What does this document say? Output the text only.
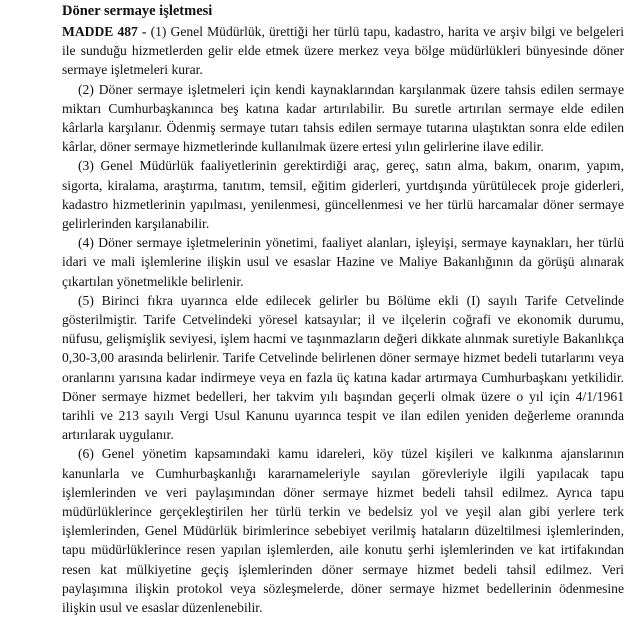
Döner sermaye işletmesi

MADDE 487 - (1) Genel Müdürlük, ürettiği her türlü tapu, kadastro, harita ve arşiv bilgi ve belgeleri ile sunduğu hizmetlerden gelir elde etmek üzere merkez veya bölge müdürlükleri bünyesinde döner sermaye işletmeleri kurar.

(2) Döner sermaye işletmeleri için kendi kaynaklarından karşılanmak üzere tahsis edilen sermaye miktarı Cumhurbaşkanınca beş katına kadar artırılabilir. Bu suretle artırılan sermaye elde edilen kârlarla karşılanır. Ödenmiş sermaye tutarı tahsis edilen sermaye tutarına ulaştıktan sonra elde edilen kârlar, döner sermaye hizmetlerinde kullanılmak üzere ertesi yılın gelirlerine ilave edilir.

(3) Genel Müdürlük faaliyetlerinin gerektirdiği araç, gereç, satın alma, bakım, onarım, yapım, sigorta, kiralama, araştırma, tanıtım, temsil, eğitim giderleri, yurtdışında yürütülecek proje giderleri, kadastro hizmetlerinin yapılması, yenilenmesi, güncellenmesi ve her türlü harcamalar döner sermaye gelirlerinden karşılanabilir.

(4) Döner sermaye işletmelerinin yönetimi, faaliyet alanları, işleyişi, sermaye kaynakları, her türlü idari ve mali işlemlerine ilişkin usul ve esaslar Hazine ve Maliye Bakanlığının da görüşü alınarak çıkartılan yönetmelikle belirlenir.

(5) Birinci fıkra uyarınca elde edilecek gelirler bu Bölüme ekli (I) sayılı Tarife Cetvelinde gösterilmiştir. Tarife Cetvelindeki yöresel katsayılar; il ve ilçelerin coğrafi ve ekonomik durumu, nüfusu, gelişmişlik seviyesi, işlem hacmi ve taşınmazların değeri dikkate alınmak suretiyle Bakanlıkça 0,30-3,00 arasında belirlenir. Tarife Cetvelinde belirlenen döner sermaye hizmet bedeli tutarlarını veya oranlarını yarısına kadar indirmeye veya en fazla üç katına kadar artırmaya Cumhurbaşkanı yetkilidir. Döner sermaye hizmet bedelleri, her takvim yılı başından geçerli olmak üzere o yıl için 4/1/1961 tarihli ve 213 sayılı Vergi Usul Kanunu uyarınca tespit ve ilan edilen yeniden değerleme oranında artırılarak uygulanır.

(6) Genel yönetim kapsamındaki kamu idareleri, köy tüzel kişileri ve kalkınma ajanslarının kanunlarla ve Cumhurbaşkanlığı kararnameleriyle sayılan görevleriyle ilgili yapılacak tapu işlemlerinden ve veri paylaşımından döner sermaye hizmet bedeli tahsil edilmez. Ayrıca tapu müdürlüklerince gerçekleştirilen her türlü terkin ve bedelsiz yol ve yeşil alan gibi yerlere terk işlemlerinden, Genel Müdürlük birimlerince sebebiyet verilmiş hataların düzeltilmesi işlemlerinden, tapu müdürlüklerince resen yapılan işlemlerden, aile konutu şerhi işlemlerinden ve kat irtifakından resen kat mülkiyetine geçiş işlemlerinden döner sermaye hizmet bedeli tahsil edilmez. Veri paylaşımına ilişkin protokol veya sözleşmelerde, döner sermaye hizmet bedellerinin ödenmesine ilişkin usul ve esaslar düzenlenebilir.
